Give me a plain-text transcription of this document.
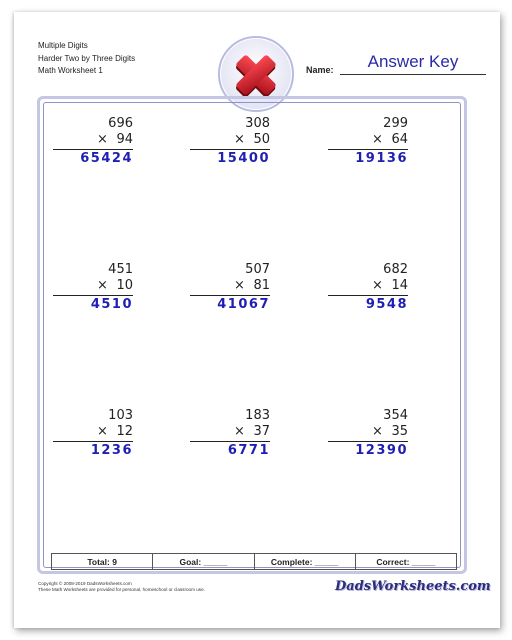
Multiple Digits
Harder Two by Three Digits
Math Worksheet 1	Name:	Answer Key
696
× 94
65424
308
× 50
15400
299
× 64
19136
451
× 10
4510
507
× 81
41067
682
× 14
9548
103
× 12
1236
183
× 37
6771
354
× 35
12390
Total: 9	Goal: _____	Complete: _____	Correct: _____
Copyright © 2008-2019 DadsWorksheets.com
These Math Worksheets are provided for personal, homeschool or classroom use.	DadsWorksheets.com
